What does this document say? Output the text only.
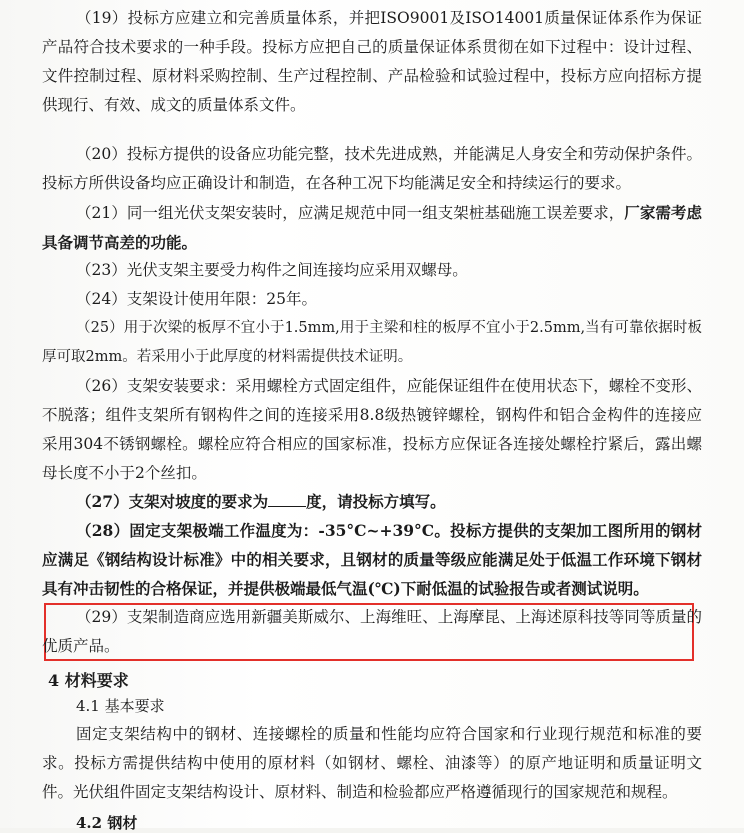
（19）投标方应建立和完善质量体系，并把ISO9001及ISO14001质量保证体系作为保证产品符合技术要求的一种手段。投标方应把自己的质量保证体系贯彻在如下过程中：设计过程、文件控制过程、原材料采购控制、生产过程控制、产品检验和试验过程中，投标方应向招标方提供现行、有效、成文的质量体系文件。
（20）投标方提供的设备应功能完整，技术先进成熟，并能满足人身安全和劳动保护条件。投标方所供设备均应正确设计和制造，在各种工况下均能满足安全和持续运行的要求。
（21）同一组光伏支架安装时，应满足规范中同一组支架桩基础施工误差要求，厂家需考虑具备调节高差的功能。
（23）光伏支架主要受力构件之间连接均应采用双螺母。
（24）支架设计使用年限：25年。
（25）用于次梁的板厚不宜小于1.5mm,用于主梁和柱的板厚不宜小于2.5mm,当有可靠依据时板厚可取2mm。若采用小于此厚度的材料需提供技术证明。
（26）支架安装要求：采用螺栓方式固定组件，应能保证组件在使用状态下，螺栓不变形、不脱落；组件支架所有钢构件之间的连接采用8.8级热镀锌螺栓，钢构件和铝合金构件的连接应采用304不锈钢螺栓。螺栓应符合相应的国家标准，投标方应保证各连接处螺栓拧紧后，露出螺母长度不小于2个丝扣。
（27）支架对坡度的要求为 度，请投标方填写。
（28）固定支架极端工作温度为：-35°C~+39°C。投标方提供的支架加工图所用的钢材应满足《钢结构设计标准》中的相关要求，且钢材的质量等级应能满足处于低温工作环境下钢材具有冲击韧性的合格保证，并提供极端最低气温(℃)下耐低温的试验报告或者测试说明。
（29）支架制造商应选用新疆美斯威尔、上海维旺、上海摩昆、上海述原科技等同等质量的优质产品。
4 材料要求
4.1 基本要求
固定支架结构中的钢材、连接螺栓的质量和性能均应符合国家和行业现行规范和标准的要求。投标方需提供结构中使用的原材料（如钢材、螺栓、油漆等）的原产地证明和质量证明文件。光伏组件固定支架结构设计、原材料、制造和检验都应严格遵循现行的国家规范和规程。
4.2 钢材
